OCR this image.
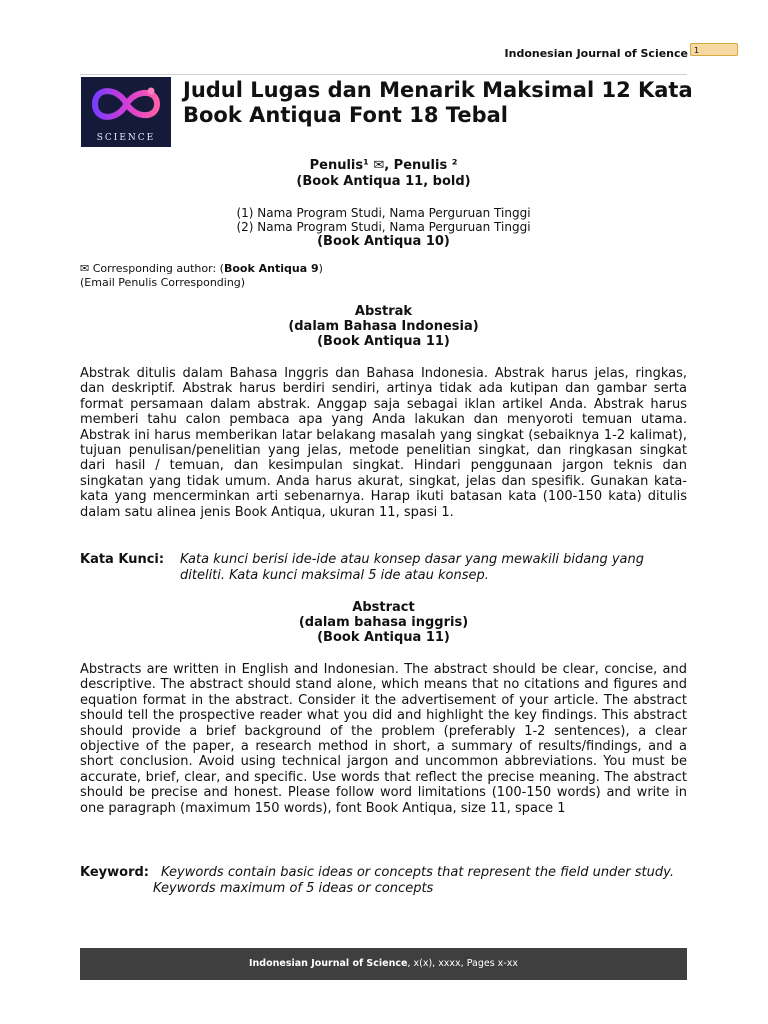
Indonesian Journal of Science 1
SCIENCE
Judul Lugas dan Menarik Maksimal 12 Kata Book Antiqua Font 18 Tebal
Penulis¹ ✉, Penulis ²
(Book Antiqua 11, bold)
(1) Nama Program Studi, Nama Perguruan Tinggi
(2) Nama Program Studi, Nama Perguruan Tinggi
(Book Antiqua 10)
✉ Corresponding author: (Book Antiqua 9)
(Email Penulis Corresponding)
Abstrak
(dalam Bahasa Indonesia)
(Book Antiqua 11)
Abstrak ditulis dalam Bahasa Inggris dan Bahasa Indonesia. Abstrak harus jelas, ringkas, dan deskriptif. Abstrak harus berdiri sendiri, artinya tidak ada kutipan dan gambar serta format persamaan dalam abstrak. Anggap saja sebagai iklan artikel Anda. Abstrak harus memberi tahu calon pembaca apa yang Anda lakukan dan menyoroti temuan utama. Abstrak ini harus memberikan latar belakang masalah yang singkat (sebaiknya 1-2 kalimat), tujuan penulisan/penelitian yang jelas, metode penelitian singkat, dan ringkasan singkat dari hasil / temuan, dan kesimpulan singkat. Hindari penggunaan jargon teknis dan singkatan yang tidak umum. Anda harus akurat, singkat, jelas dan spesifik. Gunakan kata-kata yang mencerminkan arti sebenarnya. Harap ikuti batasan kata (100-150 kata) ditulis dalam satu alinea jenis Book Antiqua, ukuran 11, spasi 1.
Kata Kunci: Kata kunci berisi ide-ide atau konsep dasar yang mewakili bidang yang diteliti. Kata kunci maksimal 5 ide atau konsep.
Abstract
(dalam bahasa inggris)
(Book Antiqua 11)
Abstracts are written in English and Indonesian. The abstract should be clear, concise, and descriptive. The abstract should stand alone, which means that no citations and figures and equation format in the abstract. Consider it the advertisement of your article. The abstract should tell the prospective reader what you did and highlight the key findings. This abstract should provide a brief background of the problem (preferably 1-2 sentences), a clear objective of the paper, a research method in short, a summary of results/findings, and a short conclusion. Avoid using technical jargon and uncommon abbreviations. You must be accurate, brief, clear, and specific. Use words that reflect the precise meaning. The abstract should be precise and honest. Please follow word limitations (100-150 words) and write in one paragraph (maximum 150 words), font Book Antiqua, size 11, space 1
Keyword: Keywords contain basic ideas or concepts that represent the field under study. Keywords maximum of 5 ideas or concepts
Indonesian Journal of Science, x(x), xxxx, Pages x-xx
